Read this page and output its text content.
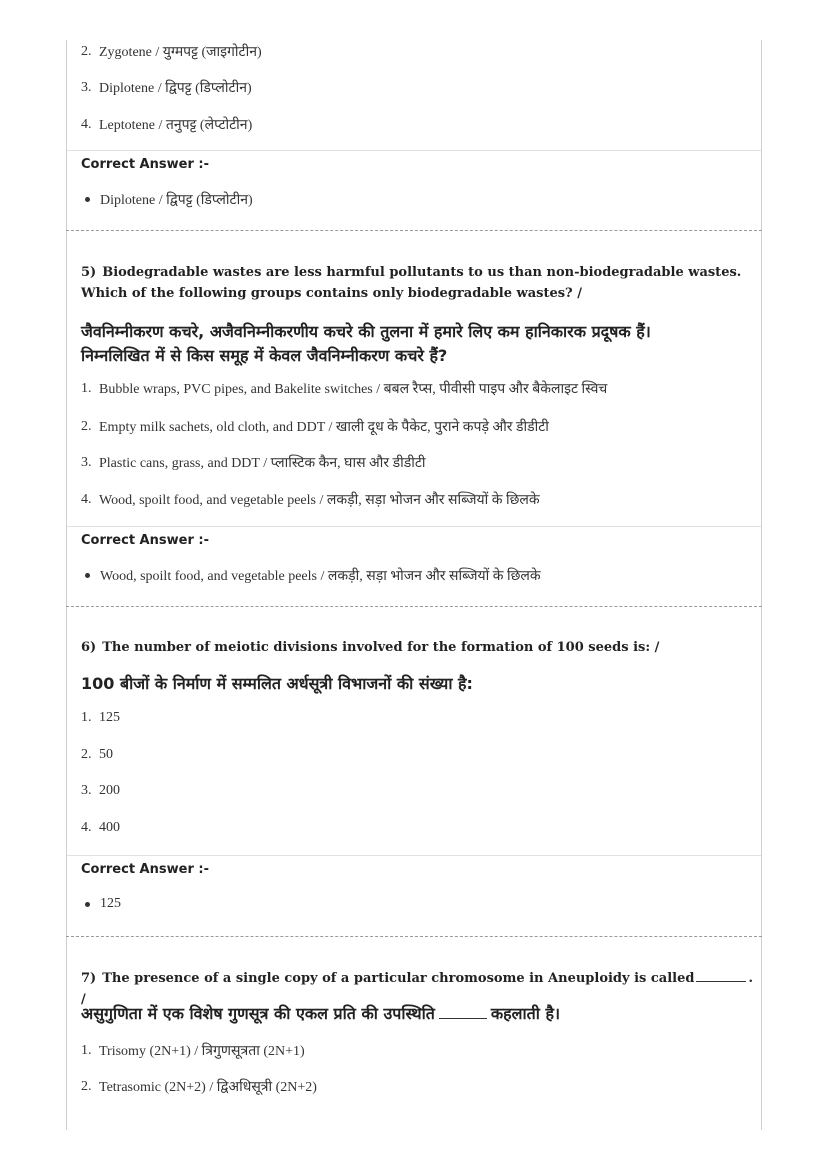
2. Zygotene / युग्मपट्ट (जाइगोटीन)
3. Diplotene / द्विपट्ट (डिप्लोटीन)
4. Leptotene / तनुपट्ट (लेप्टोटीन)
Correct Answer :-
Diplotene / द्विपट्ट (डिप्लोटीन)
5) Biodegradable wastes are less harmful pollutants to us than non-biodegradable wastes.
Which of the following groups contains only biodegradable wastes? /
जैवनिम्नीकरण कचरे, अजैवनिम्नीकरणीय कचरे की तुलना में हमारे लिए कम हानिकारक प्रदूषक हैं।
निम्नलिखित में से किस समूह में केवल जैवनिम्नीकरण कचरे हैं?
1. Bubble wraps, PVC pipes, and Bakelite switches / बबल रैप्स, पीवीसी पाइप और बैकेलाइट स्विच
2. Empty milk sachets, old cloth, and DDT / खाली दूध के पैकेट, पुराने कपड़े और डीडीटी
3. Plastic cans, grass, and DDT / प्लास्टिक कैन, घास और डीडीटी
4. Wood, spoilt food, and vegetable peels / लकड़ी, सड़ा भोजन और सब्जियों के छिलके
Correct Answer :-
Wood, spoilt food, and vegetable peels / लकड़ी, सड़ा भोजन और सब्जियों के छिलके
6) The number of meiotic divisions involved for the formation of 100 seeds is: /
100 बीजों के निर्माण में सम्मलित अर्धसूत्री विभाजनों की संख्या है:
1. 125
2. 50
3. 200
4. 400
Correct Answer :-
125
7) The presence of a single copy of a particular chromosome in Aneuploidy is called	. /
असुगुणिता में एक विशेष गुणसूत्र की एकल प्रति की उपस्थिति	कहलाती है।
1. Trisomy (2N+1) / त्रिगुणसूत्रता (2N+1)
2. Tetrasomic (2N+2) / द्विअधिसूत्री (2N+2)
